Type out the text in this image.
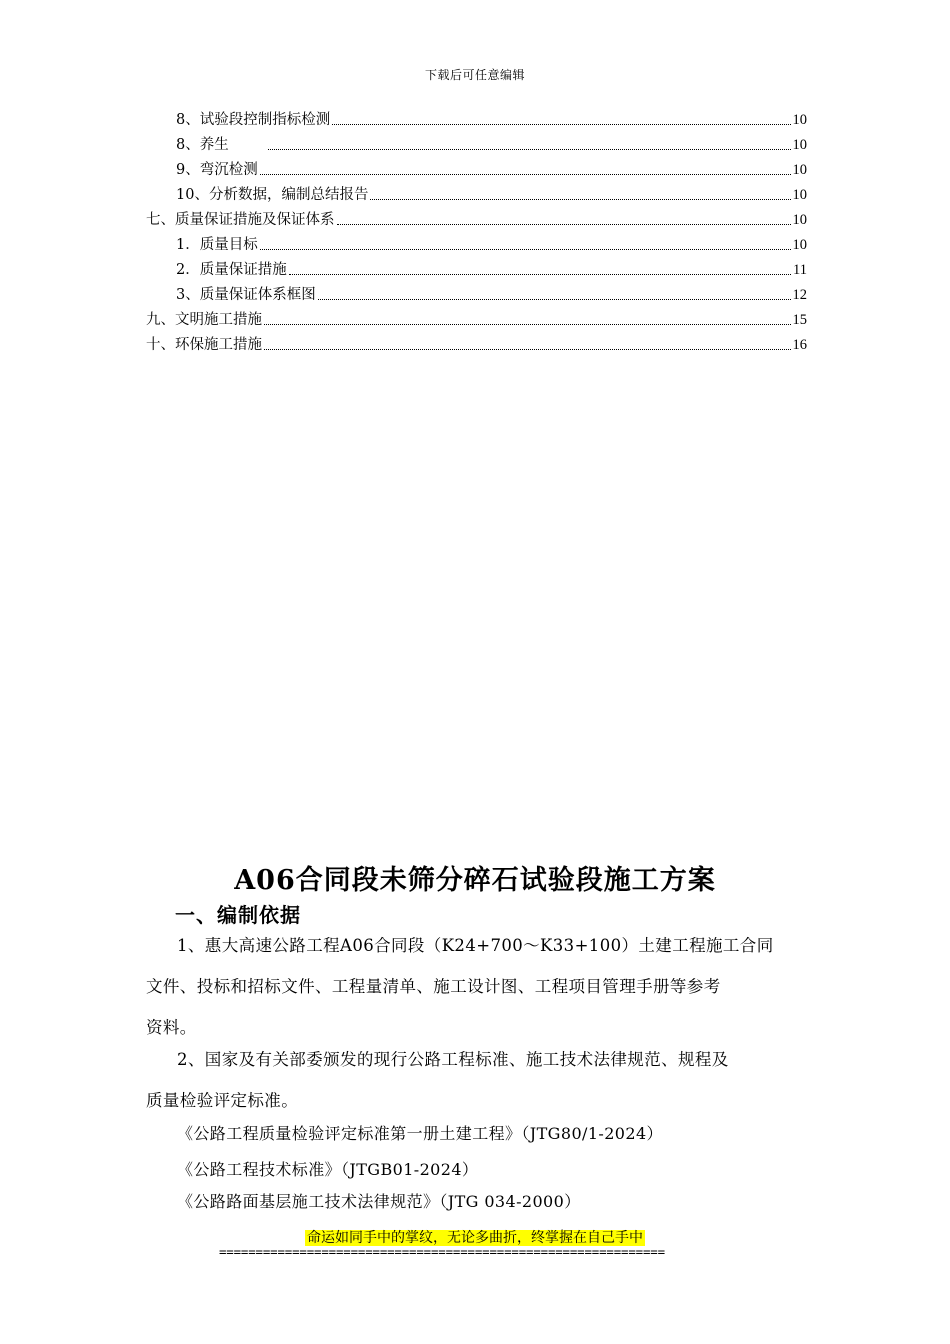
下载后可任意编辑
8、试验段控制指标检测	10
8、养生	10
9、弯沉检测	10
10、分析数据，编制总结报告	10
七、质量保证措施及保证体系	10
1．质量目标	10
2．质量保证措施	11
3、质量保证体系框图	12
九、文明施工措施	15
十、环保施工措施	16
A06合同段未筛分碎石试验段施工方案
一、编制依据
1、惠大高速公路工程A06合同段（K24+700～K33+100）土建工程施工合同
文件、投标和招标文件、工程量清单、施工设计图、工程项目管理手册等参考
资料。
2、国家及有关部委颁发的现行公路工程标准、施工技术法律规范、规程及
质量检验评定标准。
《公路工程质量检验评定标准第一册土建工程》（JTG80/1-2024）
《公路工程技术标准》（JTGB01-2024）
《公路路面基层施工技术法律规范》（JTG 034-2000）
命运如同手中的掌纹，无论多曲折，终掌握在自己手中
=============================================================
